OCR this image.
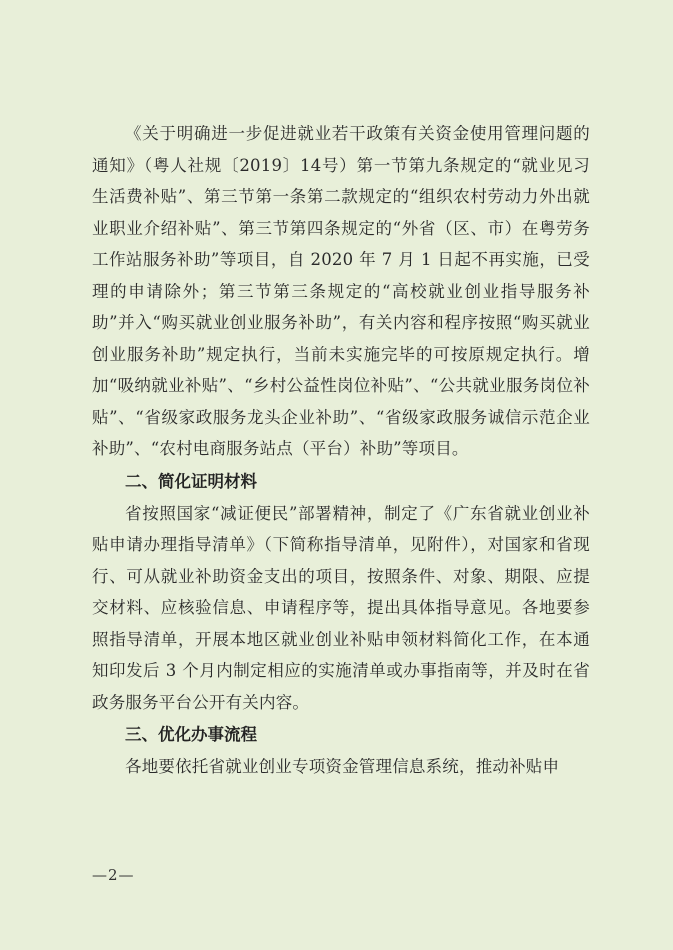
《关于明确进一步促进就业若干政策有关资金使用管理问题的通知》（粤人社规〔2019〕14号）第一节第九条规定的“就业见习生活费补贴”、第三节第一条第二款规定的“组织农村劳动力外出就业职业介绍补贴”、第三节第四条规定的“外省（区、市）在粤劳务工作站服务补助”等项目，自 2020 年 7 月 1 日起不再实施，已受理的申请除外；第三节第三条规定的“高校就业创业指导服务补助”并入“购买就业创业服务补助”，有关内容和程序按照“购买就业创业服务补助”规定执行，当前未实施完毕的可按原规定执行。增加“吸纳就业补贴”、“乡村公益性岗位补贴”、“公共就业服务岗位补贴”、“省级家政服务龙头企业补助”、“省级家政服务诚信示范企业补助”、“农村电商服务站点（平台）补助”等项目。

二、简化证明材料

省按照国家“减证便民”部署精神，制定了《广东省就业创业补贴申请办理指导清单》（下简称指导清单，见附件），对国家和省现行、可从就业补助资金支出的项目，按照条件、对象、期限、应提交材料、应核验信息、申请程序等，提出具体指导意见。各地要参照指导清单，开展本地区就业创业补贴申领材料简化工作，在本通知印发后 3 个月内制定相应的实施清单或办事指南等，并及时在省政务服务平台公开有关内容。

三、优化办事流程

各地要依托省就业创业专项资金管理信息系统，推动补贴申

—2—
